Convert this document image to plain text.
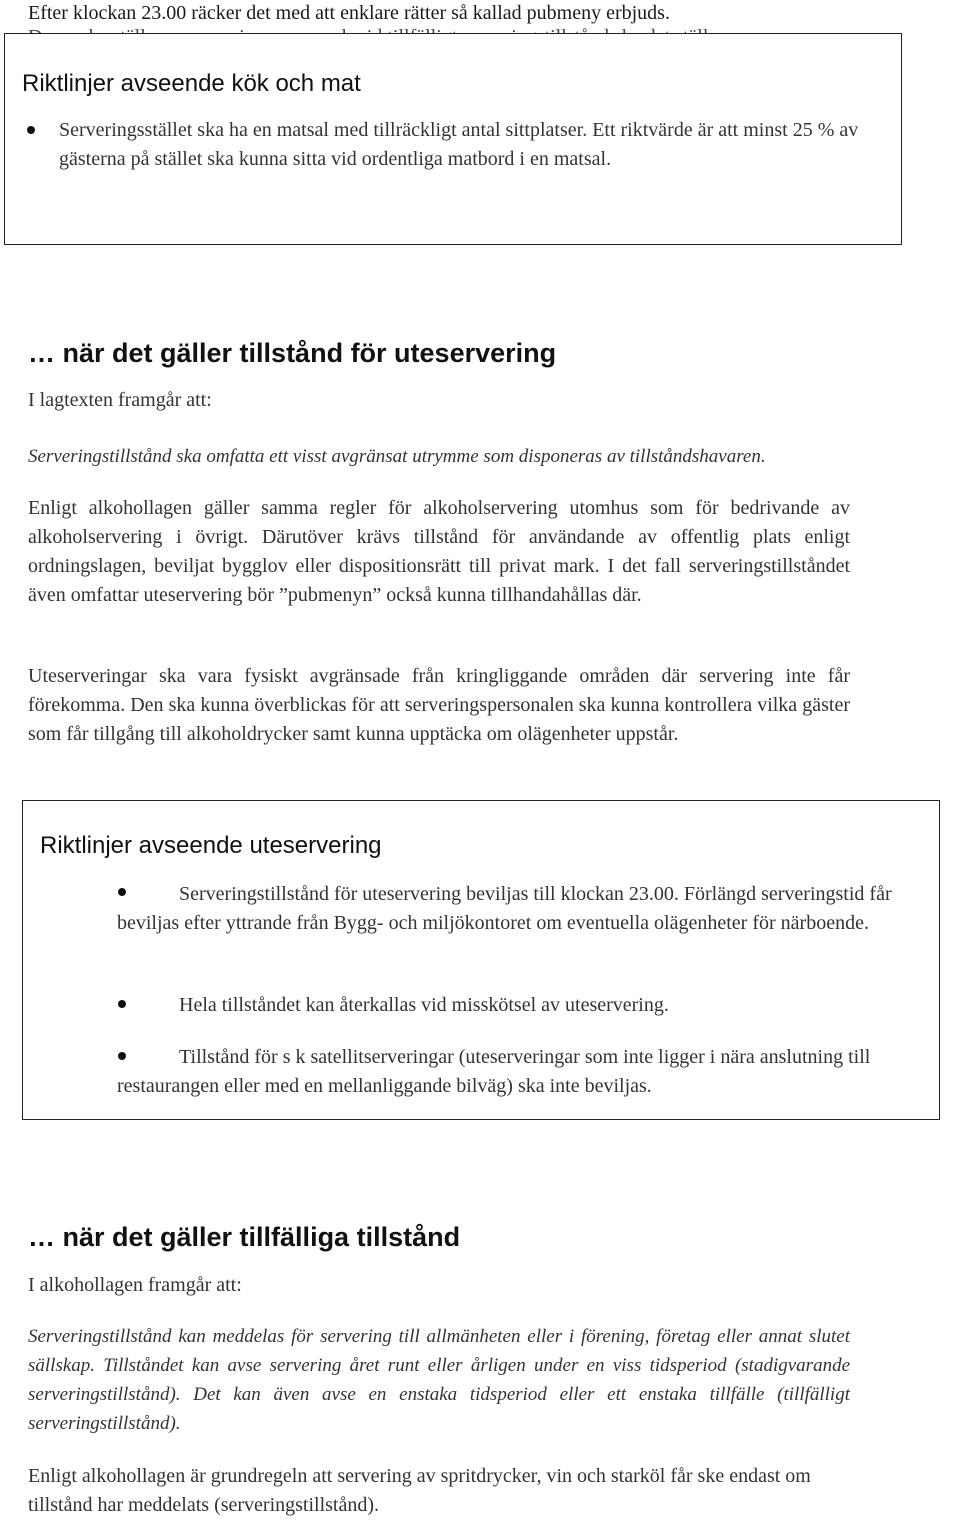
Efter klockan 23.00 räcker det med att enklare rätter så kallad pubmeny erbjuds.
Riktlinjer avseende kök och mat
Serveringsstället ska ha en matsal med tillräckligt antal sittplatser. Ett riktvärde är att minst 25 % av gästerna på stället ska kunna sitta vid ordentliga matbord i en matsal.
… när det gäller tillstånd för uteservering
I lagtexten framgår att:
Serveringstillstånd ska omfatta ett visst avgränsat utrymme som disponeras av tillståndshavaren.
Enligt alkohollagen gäller samma regler för alkoholservering utomhus som för bedrivande av alkoholservering i övrigt. Därutöver krävs tillstånd för användande av offentlig plats enligt ordningslagen, beviljat bygglov eller dispositionsrätt till privat mark. I det fall serveringstillståndet även omfattar uteservering bör ”pubmenyn” också kunna tillhandahållas där.
Uteserveringar ska vara fysiskt avgränsade från kringliggande områden där servering inte får förekomma. Den ska kunna överblickas för att serveringspersonalen ska kunna kontrollera vilka gäster som får tillgång till alkoholdrycker samt kunna upptäcka om olägenheter uppstår.
Riktlinjer avseende uteservering
Serveringstillstånd för uteservering beviljas till klockan 23.00. Förlängd serveringstid får beviljas efter yttrande från Bygg- och miljökontoret om eventuella olägenheter för närboende.
Hela tillståndet kan återkallas vid misskötsel av uteservering.
Tillstånd för s k satellitserveringar (uteserveringar som inte ligger i nära anslutning till restaurangen eller med en mellanliggande bilväg) ska inte beviljas.
… när det gäller tillfälliga tillstånd
I alkohollagen framgår att:
Serveringstillstånd kan meddelas för servering till allmänheten eller i förening, företag eller annat slutet sällskap. Tillståndet kan avse servering året runt eller årligen under en viss tidsperiod (stadigvarande serveringstillstånd). Det kan även avse en enstaka tidsperiod eller ett enstaka tillfälle (tillfälligt serveringstillstånd).
Enligt alkohollagen är grundregeln att servering av spritdrycker, vin och starköl får ske endast om tillstånd har meddelats (serveringstillstånd).
